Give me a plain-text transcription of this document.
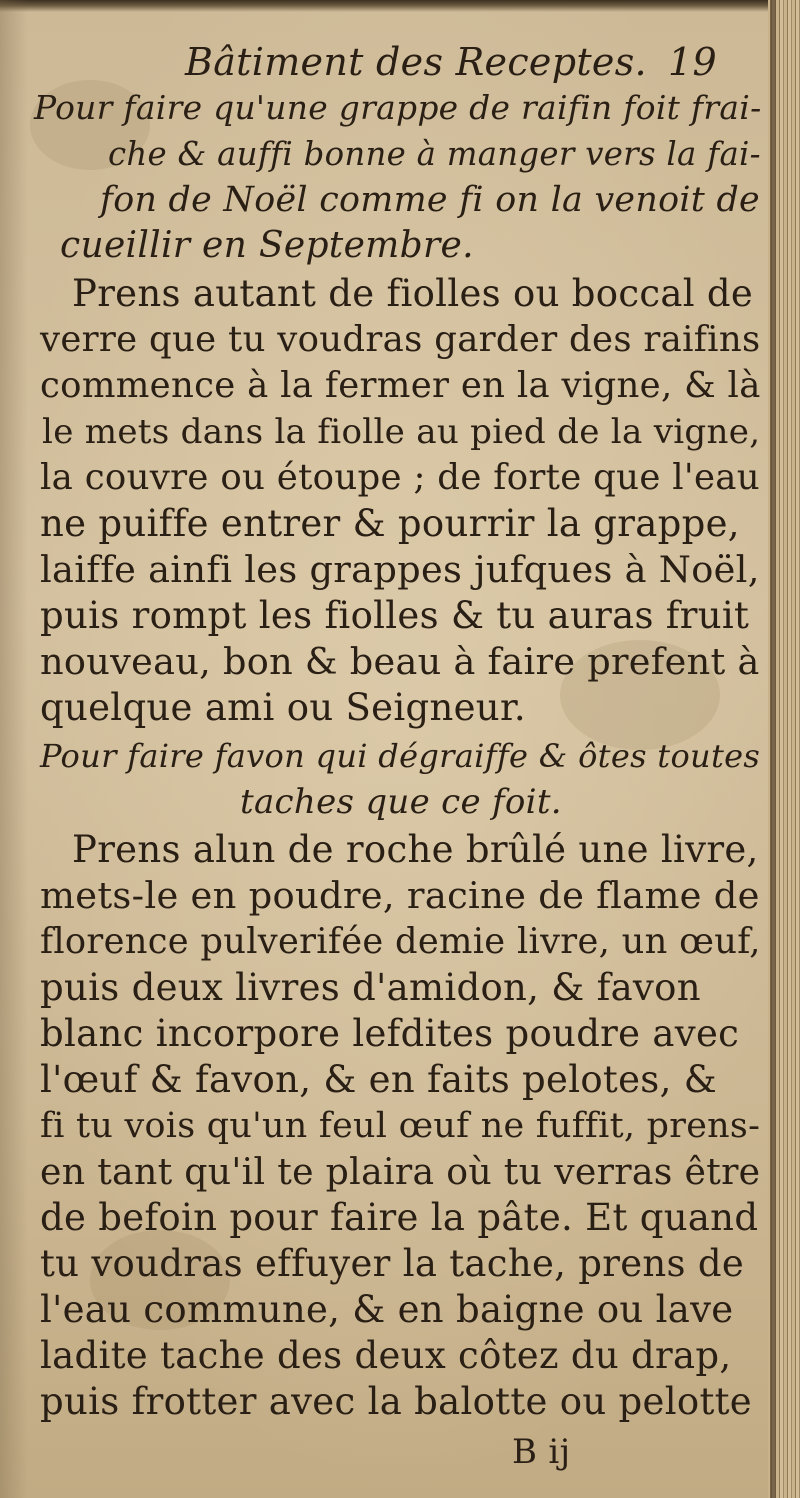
Bâtiment des Receptes. 19
Pour faire qu'une grappe de raifin foit frai-
che & auffi bonne à manger vers la fai-
fon de Noël comme fi on la venoit de
cueillir en Septembre.
Prens autant de fiolles ou boccal de
verre que tu voudras garder des raifins
commence à la fermer en la vigne, & là
le mets dans la fiolle au pied de la vigne,
la couvre ou étoupe ; de forte que l'eau
ne puiffe entrer & pourrir la grappe,
laiffe ainfi les grappes jufques à Noël,
puis rompt les fiolles & tu auras fruit
nouveau, bon & beau à faire prefent à
quelque ami ou Seigneur.
Pour faire favon qui dégraiffe & ôtes toutes
taches que ce foit.
Prens alun de roche brûlé une livre,
mets-le en poudre, racine de flame de
florence pulverifée demie livre, un œuf,
puis deux livres d'amidon, & favon
blanc incorpore lefdites poudre avec
l'œuf & favon, & en faits pelotes, &
fi tu vois qu'un feul œuf ne fuffit, prens-
en tant qu'il te plaira où tu verras être
de befoin pour faire la pâte. Et quand
tu voudras effuyer la tache, prens de
l'eau commune, & en baigne ou lave
ladite tache des deux côtez du drap,
puis frotter avec la balotte ou pelotte
B ij
